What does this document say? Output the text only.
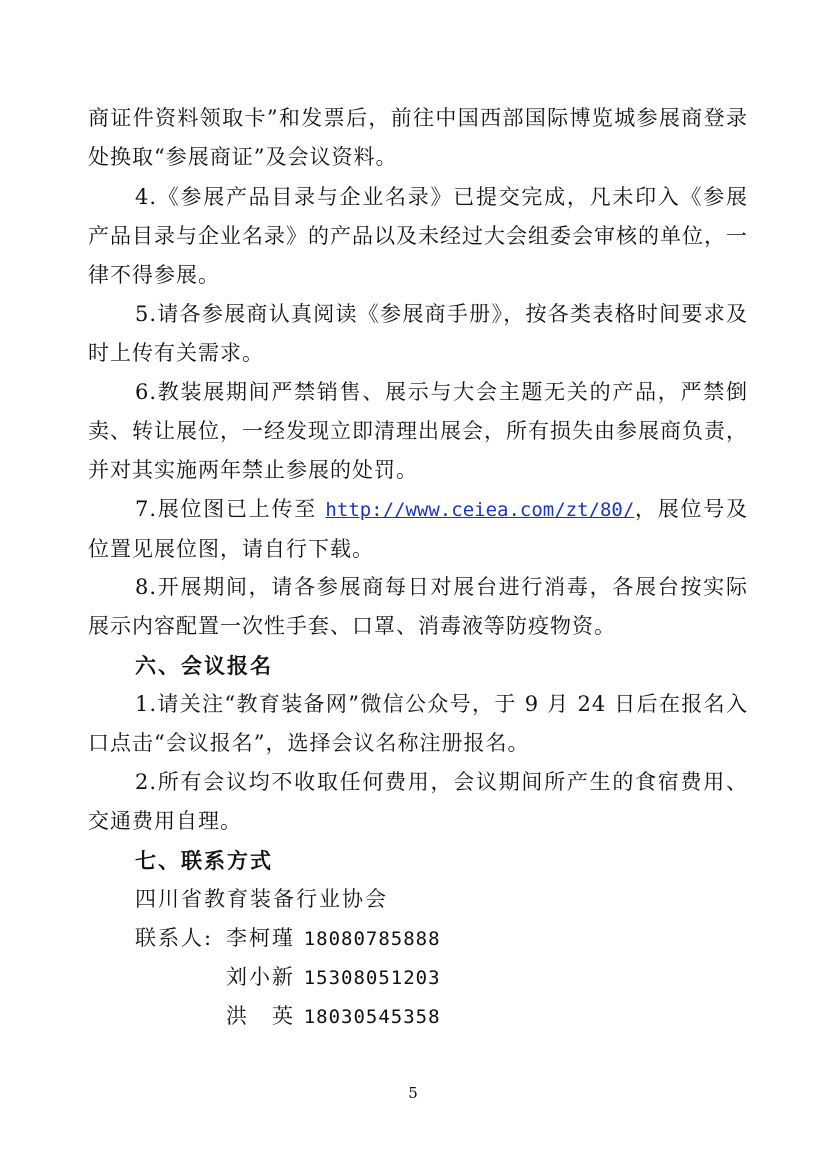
商证件资料领取卡”和发票后，前往中国西部国际博览城参展商登录处换取“参展商证”及会议资料。
4.《参展产品目录与企业名录》已提交完成，凡未印入《参展产品目录与企业名录》的产品以及未经过大会组委会审核的单位，一律不得参展。
5.请各参展商认真阅读《参展商手册》，按各类表格时间要求及时上传有关需求。
6.教装展期间严禁销售、展示与大会主题无关的产品，严禁倒卖、转让展位，一经发现立即清理出展会，所有损失由参展商负责，并对其实施两年禁止参展的处罚。
7.展位图已上传至 http://www.ceiea.com/zt/80/，展位号及位置见展位图，请自行下载。
8.开展期间，请各参展商每日对展台进行消毒，各展台按实际展示内容配置一次性手套、口罩、消毒液等防疫物资。
六、会议报名
1.请关注“教育装备网”微信公众号，于 9 月 24 日后在报名入口点击“会议报名”，选择会议名称注册报名。
2.所有会议均不收取任何费用，会议期间所产生的食宿费用、交通费用自理。
七、联系方式
四川省教育装备行业协会
联系人: 李柯瑾 18080785888
刘小新 15308051203
洪　英 18030545358
5
